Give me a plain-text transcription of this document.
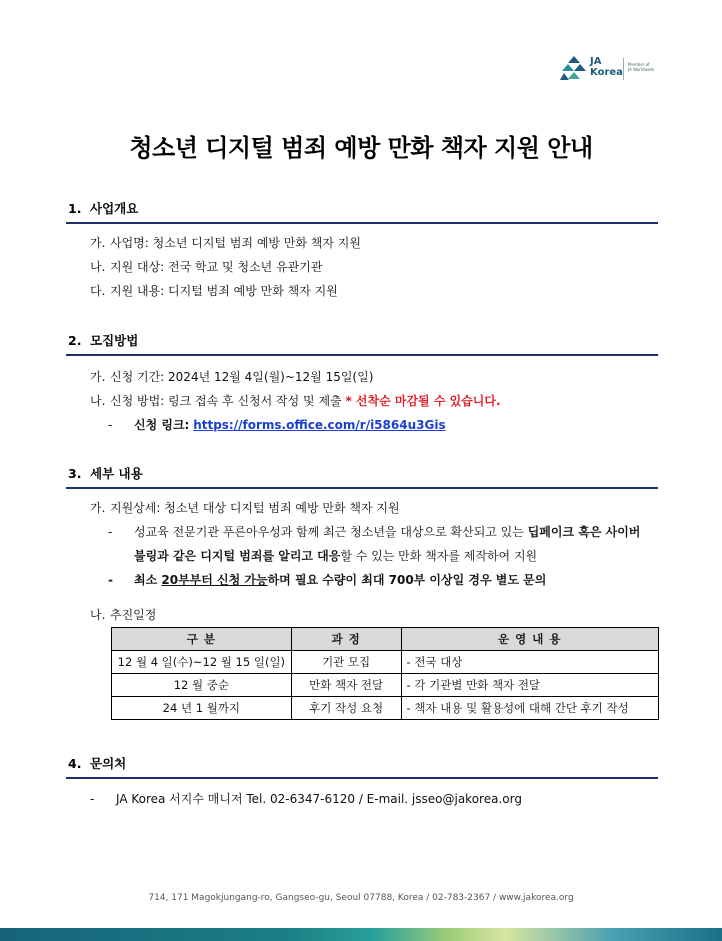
JA
Korea
Member of
JA Worldwide
청소년 디지털 범죄 예방 만화 책자 지원 안내
1. 사업개요
가. 사업명: 청소년 디지털 범죄 예방 만화 책자 지원
나. 지원 대상: 전국 학교 및 청소년 유관기관
다. 지원 내용: 디지털 범죄 예방 만화 책자 지원
2. 모집방법
가. 신청 기간: 2024년 12월 4일(월)~12월 15일(일)
나. 신청 방법: 링크 접속 후 신청서 작성 및 제출 * 선착순 마감될 수 있습니다.
- 신청 링크: https://forms.office.com/r/i5864u3Gis
3. 세부 내용
가. 지원상세: 청소년 대상 디지털 범죄 예방 만화 책자 지원
- 성교육 전문기관 푸른아우성과 함께 최근 청소년을 대상으로 확산되고 있는 딥페이크 혹은 사이버
불링과 같은 디지털 범죄를 알리고 대응할 수 있는 만화 책자를 제작하여 지원
- 최소 20부부터 신청 가능하며 필요 수량이 최대 700부 이상일 경우 별도 문의
나. 추진일정
구 분	과 정	운 영 내 용
12 월 4 일(수)~12 월 15 일(일)	기관 모집	- 전국 대상
12 월 중순	만화 책자 전달	- 각 기관별 만화 책자 전달
24 년 1 월까지	후기 작성 요청	- 책자 내용 및 활용성에 대해 간단 후기 작성
4. 문의처
- JA Korea 서지수 매니저 Tel. 02-6347-6120 / E-mail. jsseo@jakorea.org
714, 171 Magokjungang-ro, Gangseo-gu, Seoul 07788, Korea / 02-783-2367 / www.jakorea.org
